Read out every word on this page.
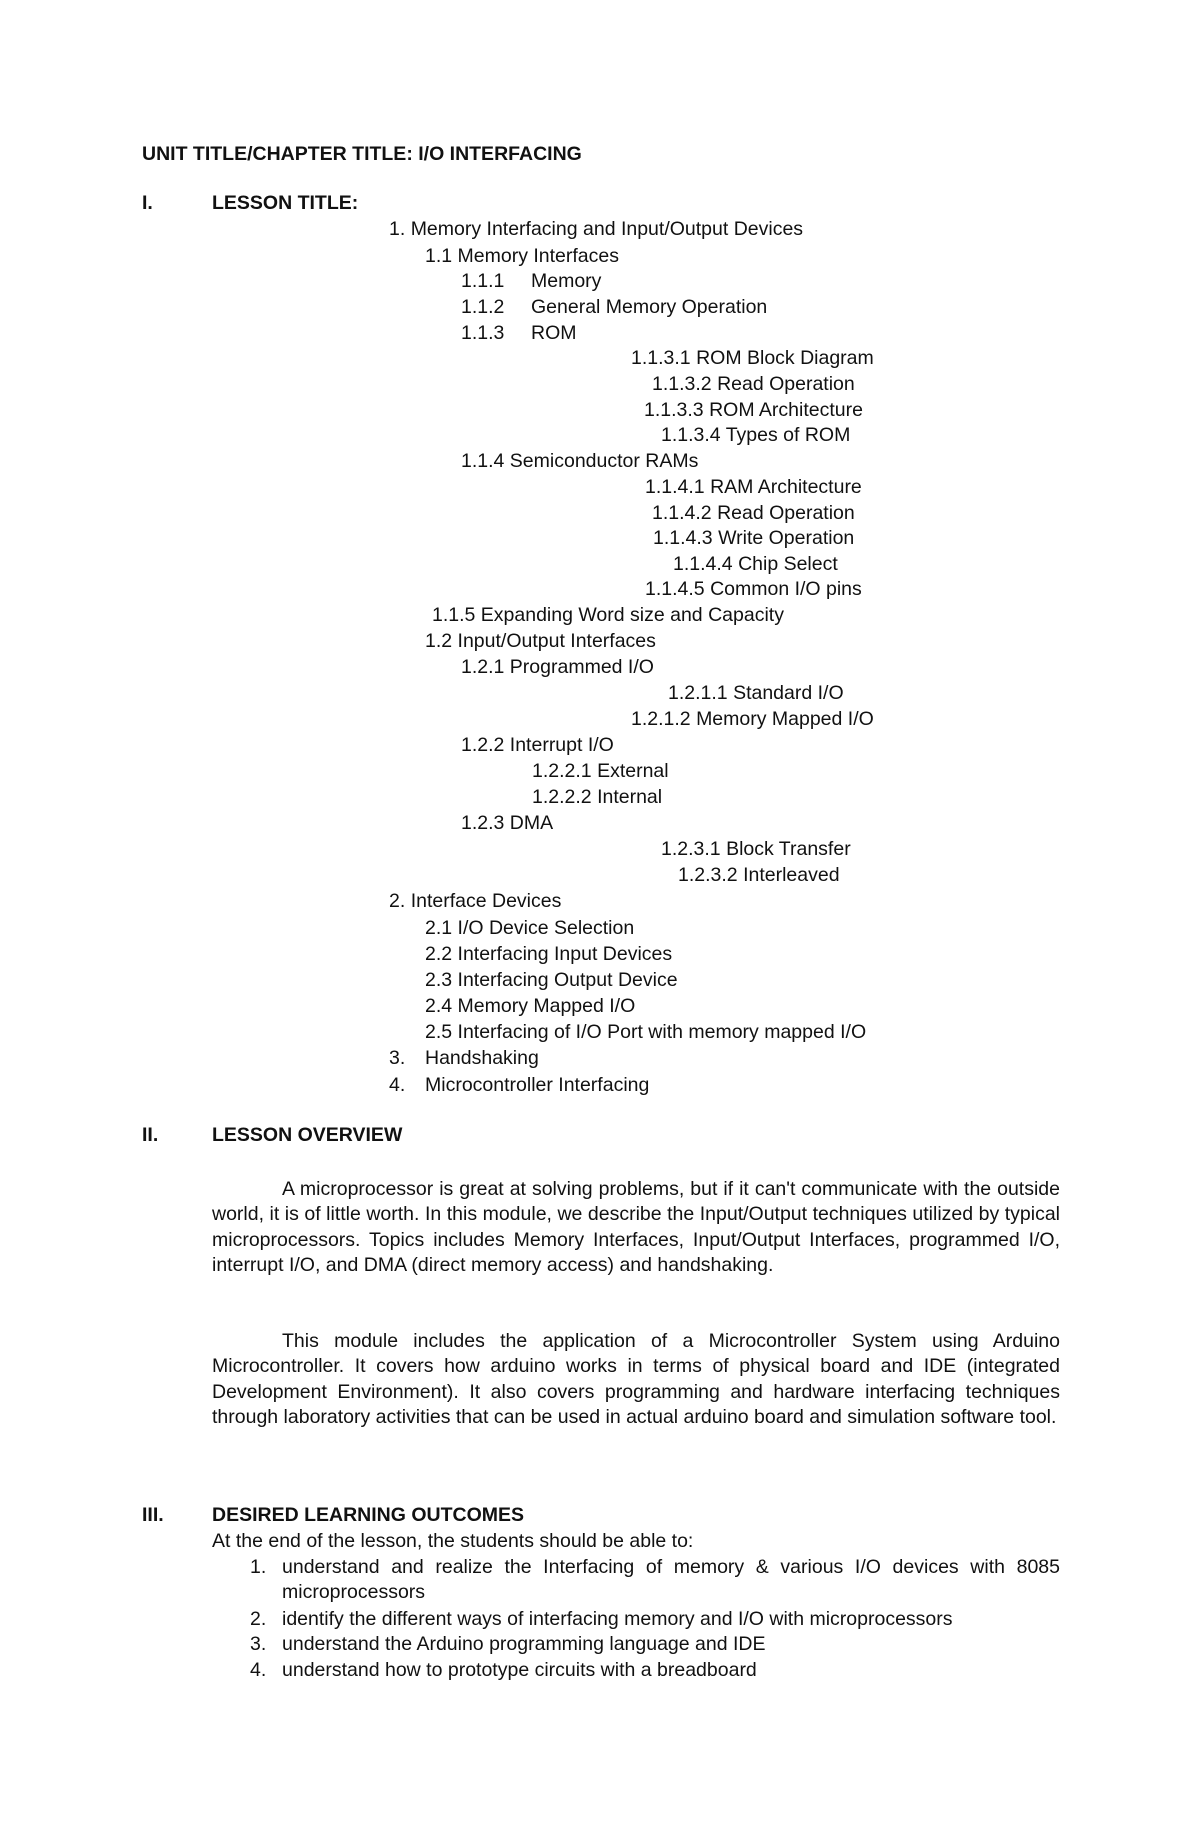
UNIT TITLE/CHAPTER TITLE: I/O INTERFACING
I.	LESSON TITLE:
1. Memory Interfacing and Input/Output Devices
1.1 Memory Interfaces
1.1.1 Memory
1.1.2 General Memory Operation
1.1.3 ROM
1.1.3.1 ROM Block Diagram
1.1.3.2 Read Operation
1.1.3.3 ROM Architecture
1.1.3.4 Types of ROM
1.1.4 Semiconductor RAMs
1.1.4.1 RAM Architecture
1.1.4.2 Read Operation
1.1.4.3 Write Operation
1.1.4.4 Chip Select
1.1.4.5 Common I/O pins
1.1.5 Expanding Word size and Capacity
1.2 Input/Output Interfaces
1.2.1 Programmed I/O
1.2.1.1 Standard I/O
1.2.1.2 Memory Mapped I/O
1.2.2 Interrupt I/O
1.2.2.1 External
1.2.2.2 Internal
1.2.3 DMA
1.2.3.1 Block Transfer
1.2.3.2 Interleaved
2. Interface Devices
2.1 I/O Device Selection
2.2 Interfacing Input Devices
2.3 Interfacing Output Device
2.4 Memory Mapped I/O
2.5 Interfacing of I/O Port with memory mapped I/O
3. Handshaking
4. Microcontroller Interfacing
II.	LESSON OVERVIEW
A microprocessor is great at solving problems, but if it can't communicate with the outside world, it is of little worth. In this module, we describe the Input/Output techniques utilized by typical microprocessors. Topics includes Memory Interfaces, Input/Output Interfaces, programmed I/O, interrupt I/O, and DMA (direct memory access) and handshaking.
This module includes the application of a Microcontroller System using Arduino Microcontroller. It covers how arduino works in terms of physical board and IDE (integrated Development Environment). It also covers programming and hardware interfacing techniques through laboratory activities that can be used in actual arduino board and simulation software tool.
III. DESIRED LEARNING OUTCOMES
At the end of the lesson, the students should be able to:
1. understand and realize the Interfacing of memory & various I/O devices with 8085 microprocessors
2. identify the different ways of interfacing memory and I/O with microprocessors
3. understand the Arduino programming language and IDE
4. understand how to prototype circuits with a breadboard
